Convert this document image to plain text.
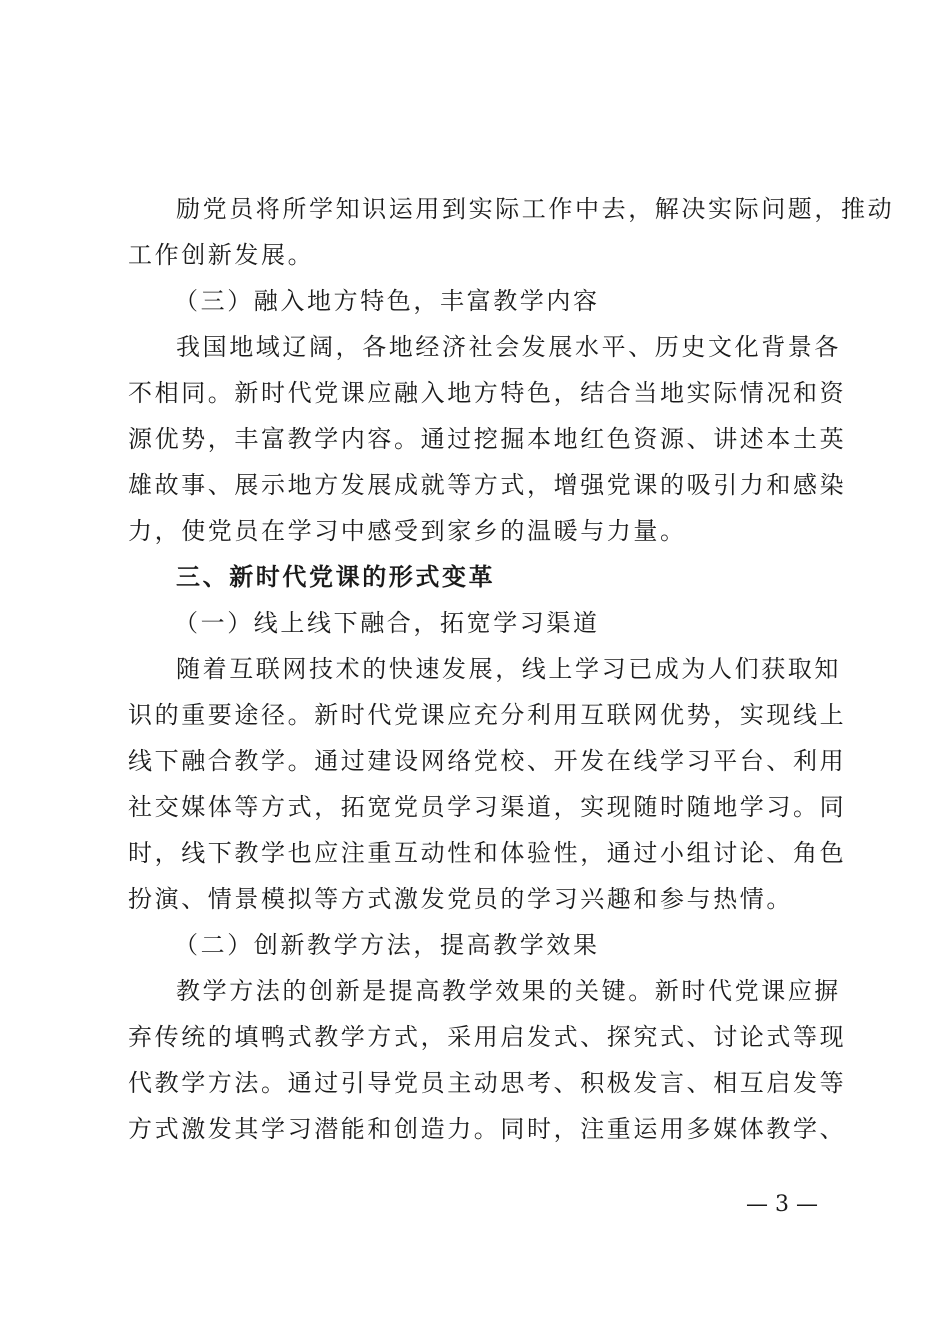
励党员将所学知识运用到实际工作中去，解决实际问题，推动
工作创新发展。
（三）融入地方特色，丰富教学内容
我国地域辽阔，各地经济社会发展水平、历史文化背景各
不相同。新时代党课应融入地方特色，结合当地实际情况和资
源优势，丰富教学内容。通过挖掘本地红色资源、讲述本土英
雄故事、展示地方发展成就等方式，增强党课的吸引力和感染
力，使党员在学习中感受到家乡的温暖与力量。
三、新时代党课的形式变革
（一）线上线下融合，拓宽学习渠道
随着互联网技术的快速发展，线上学习已成为人们获取知
识的重要途径。新时代党课应充分利用互联网优势，实现线上
线下融合教学。通过建设网络党校、开发在线学习平台、利用
社交媒体等方式，拓宽党员学习渠道，实现随时随地学习。同
时，线下教学也应注重互动性和体验性，通过小组讨论、角色
扮演、情景模拟等方式激发党员的学习兴趣和参与热情。
（二）创新教学方法，提高教学效果
教学方法的创新是提高教学效果的关键。新时代党课应摒
弃传统的填鸭式教学方式，采用启发式、探究式、讨论式等现
代教学方法。通过引导党员主动思考、积极发言、相互启发等
方式激发其学习潜能和创造力。同时，注重运用多媒体教学、
— 3 —
